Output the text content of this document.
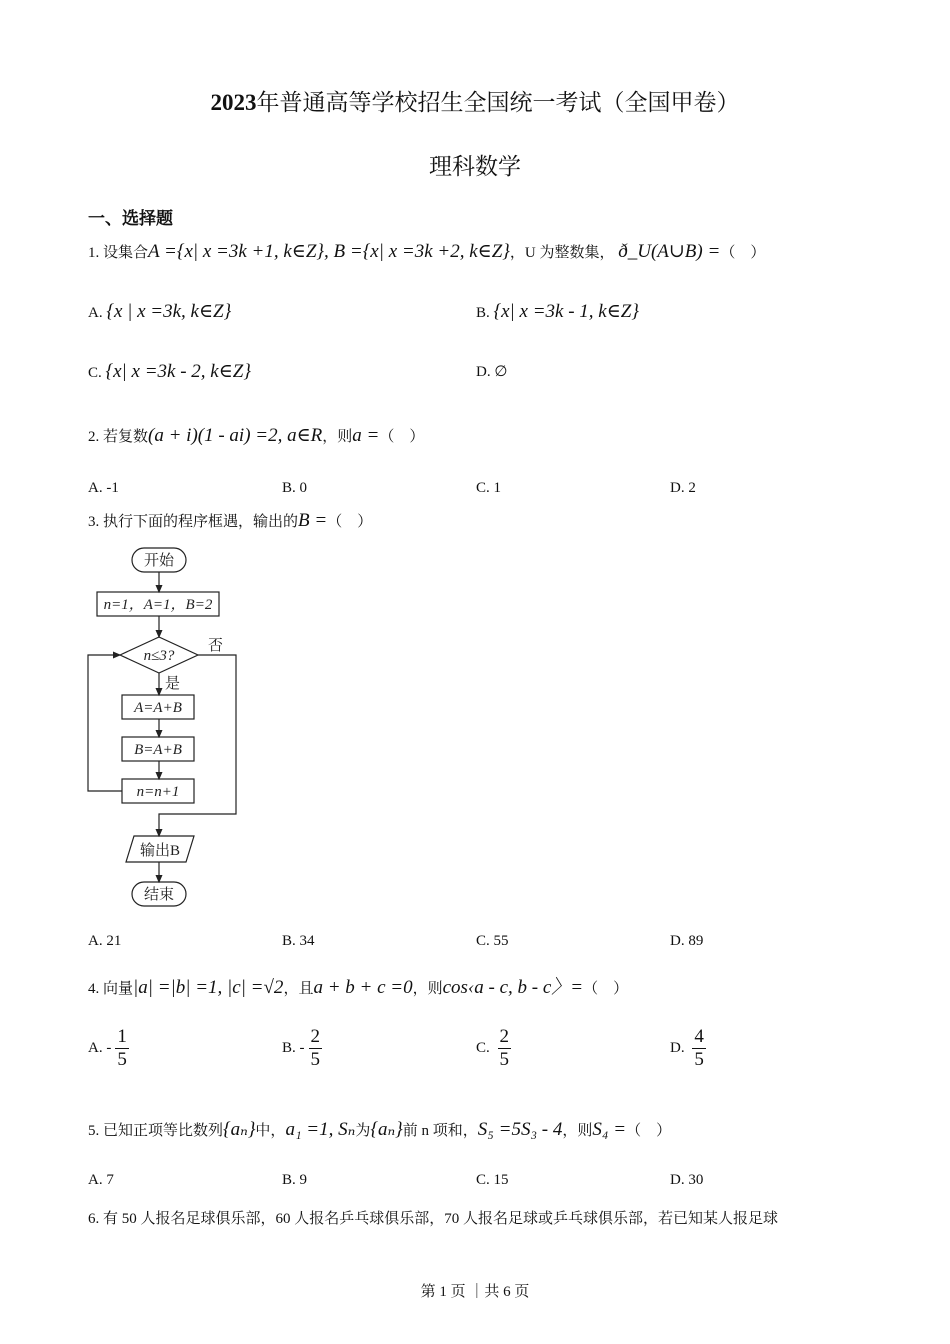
2023年普通高等学校招生全国统一考试（全国甲卷）
理科数学
一、选择题
1. 设集合A ={x| x =3k +1, k∈Z}, B ={x| x =3k +2, k∈Z}，U 为整数集， ð_U(A∪B) =（　）
A. {x | x =3k, k∈Z}	B. {x| x =3k - 1, k∈Z}
C. {x| x =3k - 2, k∈Z}	D. ∅
2. 若复数(a + i)(1 - ai) =2, a∈R，则a =（　）
A. -1	B. 0	C. 1	D. 2
3. 执行下面的程序框遇，输出的B =（　）
开始
n=1，A=1，B=2
n≤3?
否
是
A=A+B
B=A+B
n=n+1
输出B
结束
A. 21	B. 34	C. 55	D. 89
4. 向量|a| =|b| =1, |c| =√2，且a + b + c =0，则cos‹a - c, b - c〉=（　）
A. - $\frac{1}{5}$	B. - $\frac{2}{5}$	C. $\frac{2}{5}$	D. $\frac{4}{5}$
5. 已知正项等比数列{aₙ}中，a₁ =1, Sₙ为{aₙ}前 n 项和，S₅ =5S₃ - 4，则S₄ =（　）
A. 7	B. 9	C. 15	D. 30
6. 有 50 人报名足球俱乐部，60 人报名乒乓球俱乐部，70 人报名足球或乒乓球俱乐部，若已知某人报足球
第 1 页 ｜共 6 页
